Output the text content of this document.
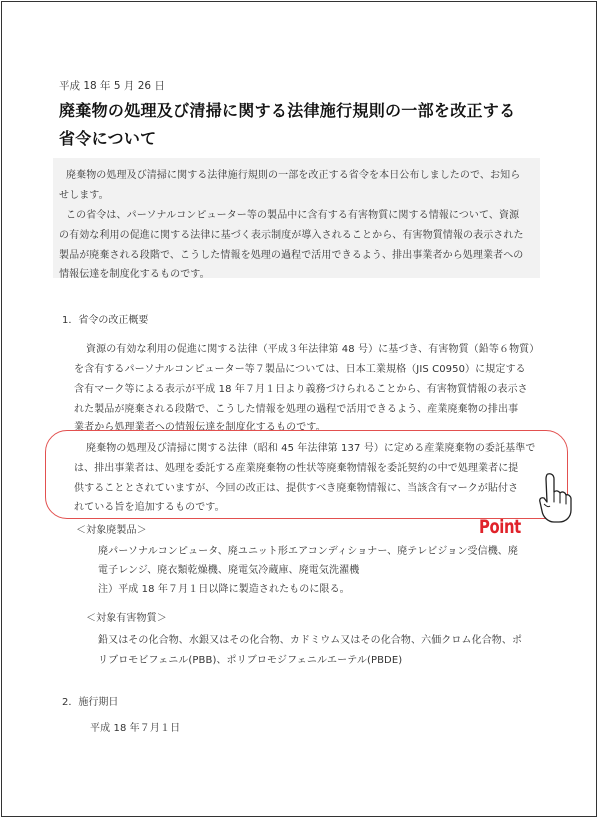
平成 18 年 5 月 26 日
廃棄物の処理及び清掃に関する法律施行規則の一部を改正する
省令について
廃棄物の処理及び清掃に関する法律施行規則の一部を改正する省令を本日公布しましたので、お知ら
せします。
この省令は、パーソナルコンピューター等の製品中に含有する有害物質に関する情報について、資源
の有効な利用の促進に関する法律に基づく表示制度が導入されることから、有害物質情報の表示された
製品が廃棄される段階で、こうした情報を処理の過程で活用できるよう、排出事業者から処理業者への
情報伝達を制度化するものです。
1．省令の改正概要
資源の有効な利用の促進に関する法律（平成３年法律第 48 号）に基づき、有害物質（鉛等６物質）
を含有するパーソナルコンピューター等７製品については、日本工業規格（JIS C0950）に規定する
含有マーク等による表示が平成 18 年７月１日より義務づけられることから、有害物質情報の表示さ
れた製品が廃棄される段階で、こうした情報を処理の過程で活用できるよう、産業廃棄物の排出事
業者から処理業者への情報伝達を制度化するものです。
廃棄物の処理及び清掃に関する法律（昭和 45 年法律第 137 号）に定める産業廃棄物の委託基準で
は、排出事業者は、処理を委託する産業廃棄物の性状等廃棄物情報を委託契約の中で処理業者に提
供することとされていますが、今回の改正は、提供すべき廃棄物情報に、当該含有マークが貼付さ
れている旨を追加するものです。
Point
＜対象廃製品＞
廃パーソナルコンピュータ、廃ユニット形エアコンディショナー、廃テレビジョン受信機、廃
電子レンジ、廃衣類乾燥機、廃電気冷蔵庫、廃電気洗濯機
注）平成 18 年７月１日以降に製造されたものに限る。
＜対象有害物質＞
鉛又はその化合物、水銀又はその化合物、カドミウム又はその化合物、六価クロム化合物、ポ
リブロモビフェニル(PBB)、ポリブロモジフェニルエーテル(PBDE)
2．施行期日
平成 18 年７月１日
